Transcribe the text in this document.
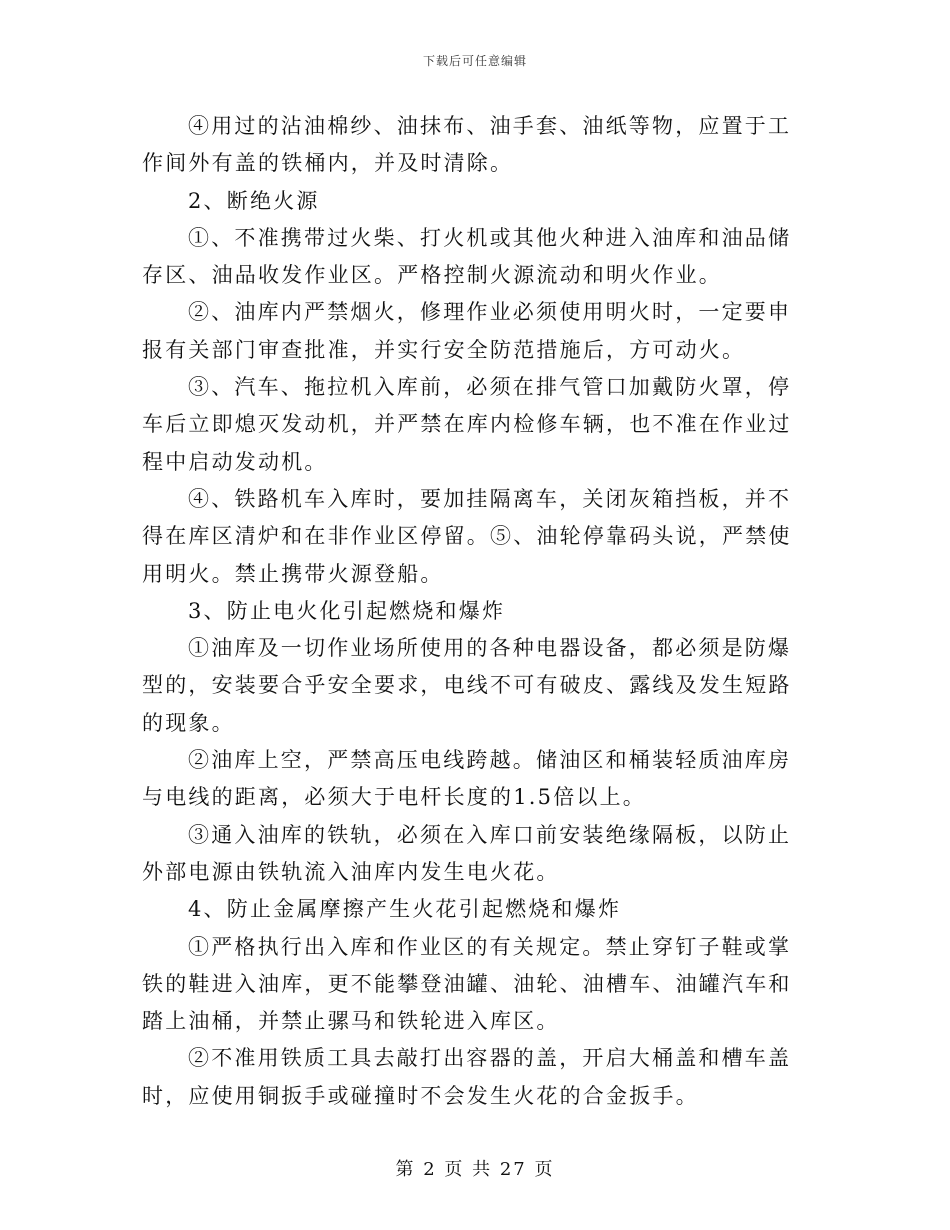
下载后可任意编辑

④用过的沾油棉纱、油抹布、油手套、油纸等物，应置于工作间外有盖的铁桶内，并及时清除。

2、断绝火源

①、不准携带过火柴、打火机或其他火种进入油库和油品储存区、油品收发作业区。严格控制火源流动和明火作业。

②、油库内严禁烟火，修理作业必须使用明火时，一定要申报有关部门审查批准，并实行安全防范措施后，方可动火。

③、汽车、拖拉机入库前，必须在排气管口加戴防火罩，停车后立即熄灭发动机，并严禁在库内检修车辆，也不准在作业过程中启动发动机。

④、铁路机车入库时，要加挂隔离车，关闭灰箱挡板，并不得在库区清炉和在非作业区停留。⑤、油轮停靠码头说，严禁使用明火。禁止携带火源登船。

3、防止电火化引起燃烧和爆炸

①油库及一切作业场所使用的各种电器设备，都必须是防爆型的，安装要合乎安全要求，电线不可有破皮、露线及发生短路的现象。

②油库上空，严禁高压电线跨越。储油区和桶装轻质油库房与电线的距离，必须大于电杆长度的1.5倍以上。

③通入油库的铁轨，必须在入库口前安装绝缘隔板，以防止外部电源由铁轨流入油库内发生电火花。

4、防止金属摩擦产生火花引起燃烧和爆炸

①严格执行出入库和作业区的有关规定。禁止穿钉子鞋或掌铁的鞋进入油库，更不能攀登油罐、油轮、油槽车、油罐汽车和踏上油桶，并禁止骡马和铁轮进入库区。

②不准用铁质工具去敲打出容器的盖，开启大桶盖和槽车盖时，应使用铜扳手或碰撞时不会发生火花的合金扳手。

第 2 页 共 27 页
